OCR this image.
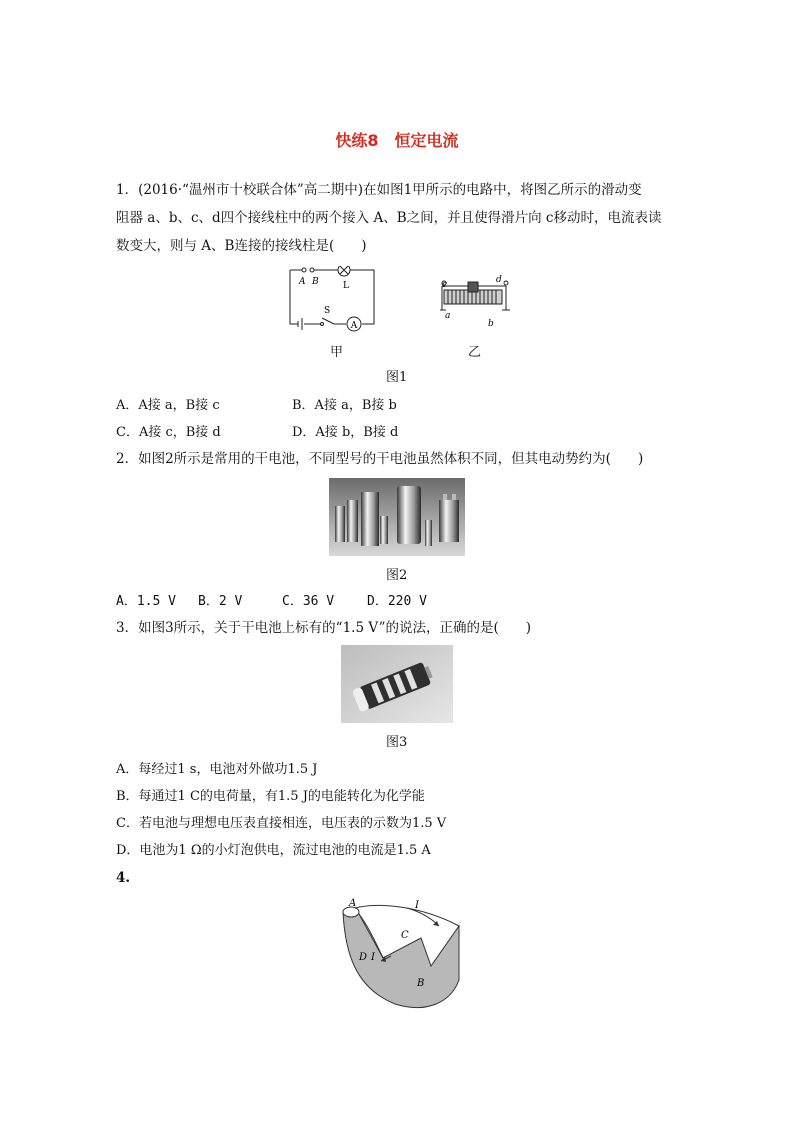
快练8　恒定电流
1．(2016·“温州市十校联合体”高二期中)在如图1甲所示的电路中，将图乙所示的滑动变
阻器 a、b、c、d四个接线柱中的两个接入 A、B之间，并且使得滑片向 c移动时，电流表读
数变大，则与 A、B连接的接线柱是(　　)
A
A B	L
S
甲
c	d
a
b
乙
图1
A．A接 a，B接 c	B．A接 a，B接 b
C．A接 c，B接 d	D．A接 b，B接 d
2．如图2所示是常用的干电池，不同型号的干电池虽然体积不同，但其电动势约为(　　)
图2
A．1.5 V B．2 V	C．36 V	D．220 V
3．如图3所示，关于干电池上标有的“1.5 V”的说法，正确的是(　　)
图3
A．每经过1 s，电池对外做功1.5 J
B．每通过1 C的电荷量，有1.5 J的电能转化为化学能
C．若电池与理想电压表直接相连，电压表的示数为1.5 V
D．电池为1 Ω的小灯泡供电，流过电池的电流是1.5 A
4.
A	I
C
D I
B
